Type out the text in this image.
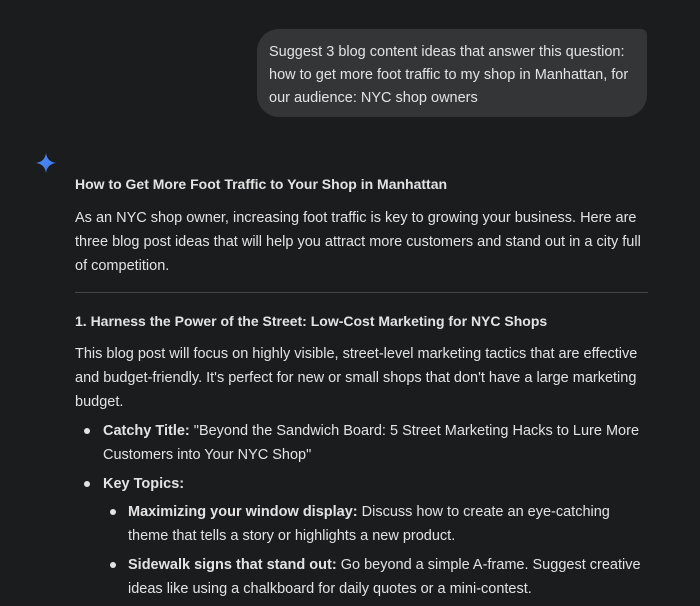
Suggest 3 blog content ideas that answer this question: how to get more foot traffic to my shop in Manhattan, for our audience: NYC shop owners
How to Get More Foot Traffic to Your Shop in Manhattan

As an NYC shop owner, increasing foot traffic is key to growing your business. Here are three blog post ideas that will help you attract more customers and stand out in a city full of competition.

1. Harness the Power of the Street: Low-Cost Marketing for NYC Shops

This blog post will focus on highly visible, street-level marketing tactics that are effective and budget-friendly. It's perfect for new or small shops that don't have a large marketing budget.

Catchy Title: "Beyond the Sandwich Board: 5 Street Marketing Hacks to Lure More Customers into Your NYC Shop"
Key Topics:
Maximizing your window display: Discuss how to create an eye-catching theme that tells a story or highlights a new product.
Sidewalk signs that stand out: Go beyond a simple A-frame. Suggest creative ideas like using a chalkboard for daily quotes or a mini-contest.
